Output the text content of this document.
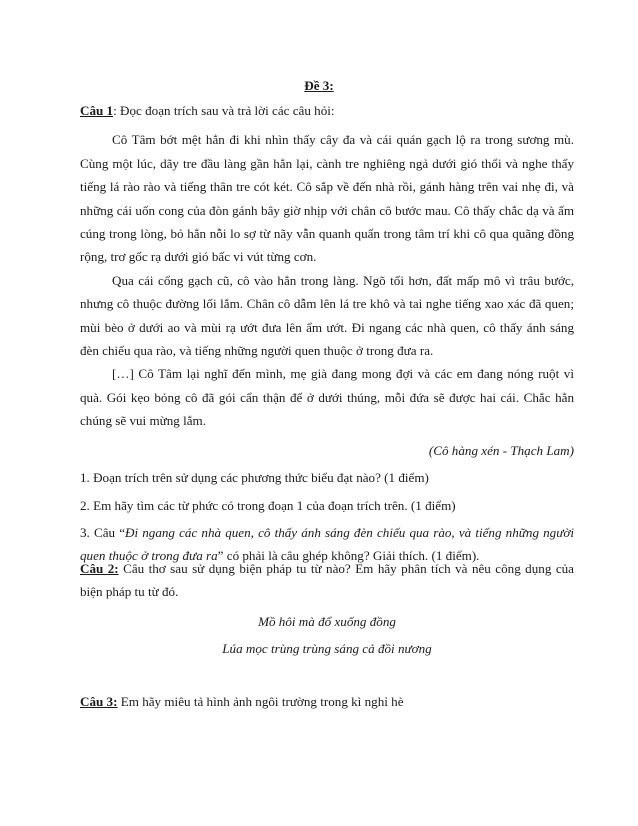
Đề 3:

Câu 1: Đọc đoạn trích sau và trả lời các câu hỏi:

Cô Tâm bớt mệt hẳn đi khi nhìn thấy cây đa và cái quán gạch lộ ra trong sương mù. Cùng một lúc, dãy tre đầu làng gần hẳn lại, cành tre nghiêng ngả dưới gió thổi và nghe thấy tiếng lá rào rào và tiếng thân tre cót két. Cô sắp về đến nhà rồi, gánh hàng trên vai nhẹ đi, và những cái uốn cong của đòn gánh bây giờ nhịp với chân cô bước mau. Cô thấy chắc dạ và ấm cúng trong lòng, bỏ hẳn nỗi lo sợ từ nãy vẫn quanh quẩn trong tâm trí khi cô qua quãng đồng rộng, trơ gốc rạ dưới gió bấc vi vút từng cơn.

Qua cái cổng gạch cũ, cô vào hẳn trong làng. Ngõ tối hơn, đất mấp mô vì trâu bước, nhưng cô thuộc đường lối lắm. Chân cô dẫm lên lá tre khô và tai nghe tiếng xao xác đã quen; mùi bèo ở dưới ao và mùi rạ ướt đưa lên ẩm ướt. Đi ngang các nhà quen, cô thấy ánh sáng đèn chiếu qua rào, và tiếng những người quen thuộc ở trong đưa ra.

[…] Cô Tâm lại nghĩ đến mình, mẹ già đang mong đợi và các em đang nóng ruột vì quà. Gói kẹo bỏng cô đã gói cẩn thận để ở dưới thúng, mỗi đứa sẽ được hai cái. Chắc hẳn chúng sẽ vui mừng lắm.

(Cô hàng xén - Thạch Lam)

1. Đoạn trích trên sử dụng các phương thức biểu đạt nào? (1 điểm)

2. Em hãy tìm các từ phức có trong đoạn 1 của đoạn trích trên. (1 điểm)

3. Câu “Đi ngang các nhà quen, cô thấy ánh sáng đèn chiếu qua rào, và tiếng những người quen thuộc ở trong đưa ra” có phải là câu ghép không? Giải thích. (1 điểm).

Câu 2: Câu thơ sau sử dụng biện pháp tu từ nào? Em hãy phân tích và nêu công dụng của biện pháp tu từ đó.

Mồ hôi mà đổ xuống đồng

Lúa mọc trùng trùng sáng cả đồi nương

Câu 3: Em hãy miêu tả hình ảnh ngôi trường trong kì nghỉ hè
